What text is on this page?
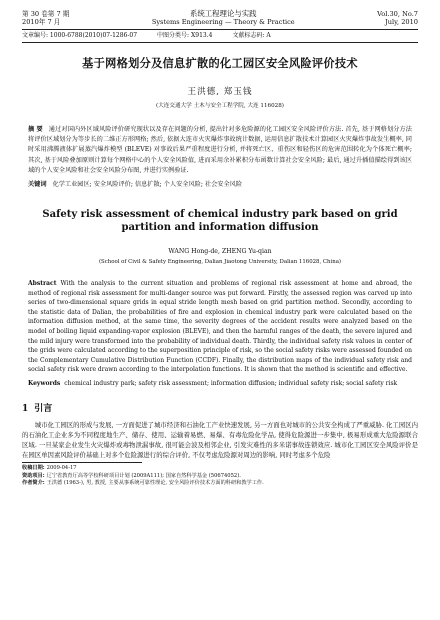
第 30 卷第 7 期
2010年 7 月
系统工程理论与实践
Systems Engineering — Theory & Practice
Vol.30, No.7
July, 2010
文章编号: 1000-6788(2010)07-1286-07	中图分类号: X913.4	文献标志码: A
基于网格划分及信息扩散的化工园区安全风险评价技术
王洪德, 郑玉钱
(大连交通大学 土木与安全工程学院, 大连 116028)
摘 要 通过对国内外区域风险评价研究现状以及存在问题的分析, 提出针对多危险源的化工园区安全风险评价方法. 首先, 基于网格划分方法将评价区域划分为等步长的二维正方形网格; 然后, 依据大连市火灾爆炸事故统计数据, 运用信息扩散技术计算园区火灾爆炸事故发生概率, 同时采用沸腾液体扩展蒸汽爆炸模型 (BLEVE) 对事故后果严重程度进行分析, 并将死亡区、重伤区和轻伤区的危害范围转化为个体死亡概率; 其次, 基于风险叠加原则计算每个网格中心的个人安全风险值, 进而采用余补累积分布函数计算社会安全风险; 最后, 通过升插值描绘得到该区域的个人安全风险和社会安全风险分布图, 并进行实例验证.
关键词 化学工业园区; 安全风险评价; 信息扩散; 个人安全风险; 社会安全风险
Safety risk assessment of chemical industry park based on grid partition and information diffusion
WANG Hong-de, ZHENG Yu-qian
(School of Civil & Safety Engineering, Dalian Jiaotong University, Dalian 116028, China)
Abstract With the analysis to the current situation and problems of regional risk assessment at home and abroad, the method of regional risk assessment for multi-danger source was put forward. Firstly, the assessed region was carved up into series of two-dimensional square grids in equal stride length mesh based on grid partition method. Secondly, according to the statistic data of Dalian, the probabilities of fire and explosion in chemical industry park were calculated based on the information diffusion method, at the same time, the severity degrees of the accident results were analyzed based on the model of boiling liquid expanding-vapor explosion (BLEVE), and then the harmful ranges of the death, the severe injured and the mild injury were transformed into the probability of individual death. Thirdly, the individual safety risk values in center of the grids were calculated according to the superposition principle of risk, so the social safety risks were assessed founded on the Complementary Cumulative Distribution Function (CCDF). Finally, the distribution maps of the individual safety risk and social safety risk were drawn according to the interpolation functions. It is shown that the method is scientific and effective.
Keywords chemical industry park; safety risk assessment; information diffusion; individual safety risk; social safety risk
1 引言
城市化工园区的形成与发展, 一方面促进了城市经济和石油化工产业快速发展, 另一方面也对城市的公共安全构成了严重威胁. 化工园区内的石油化工企业多为不同程度地生产、储存、使用、运输着易燃、易爆、有毒危险化学品, 使得危险源进一步集中, 极易形成重大危险源联合区域. 一旦某家企业发生火灾爆炸或毒物泄漏事故, 很可能会波及相邻企业, 引发灾难性的多米诺事故连锁效应. 城市化工园区安全风险评价是在园区单因素风险评价基础上对多个危险源进行的综合评价, 不仅考虑危险源对周边的影响, 同时考虑多个危险
收稿日期: 2009-04-17
资助项目: 辽宁省教育厅高等学校科研项目计划 (2009A111); 国家自然科学基金 (50674052).
作者简介: 王洪德 (1963-), 男, 教授, 主要从事系统可靠性理论, 安全风险评价技术方面的科研和教学工作.
